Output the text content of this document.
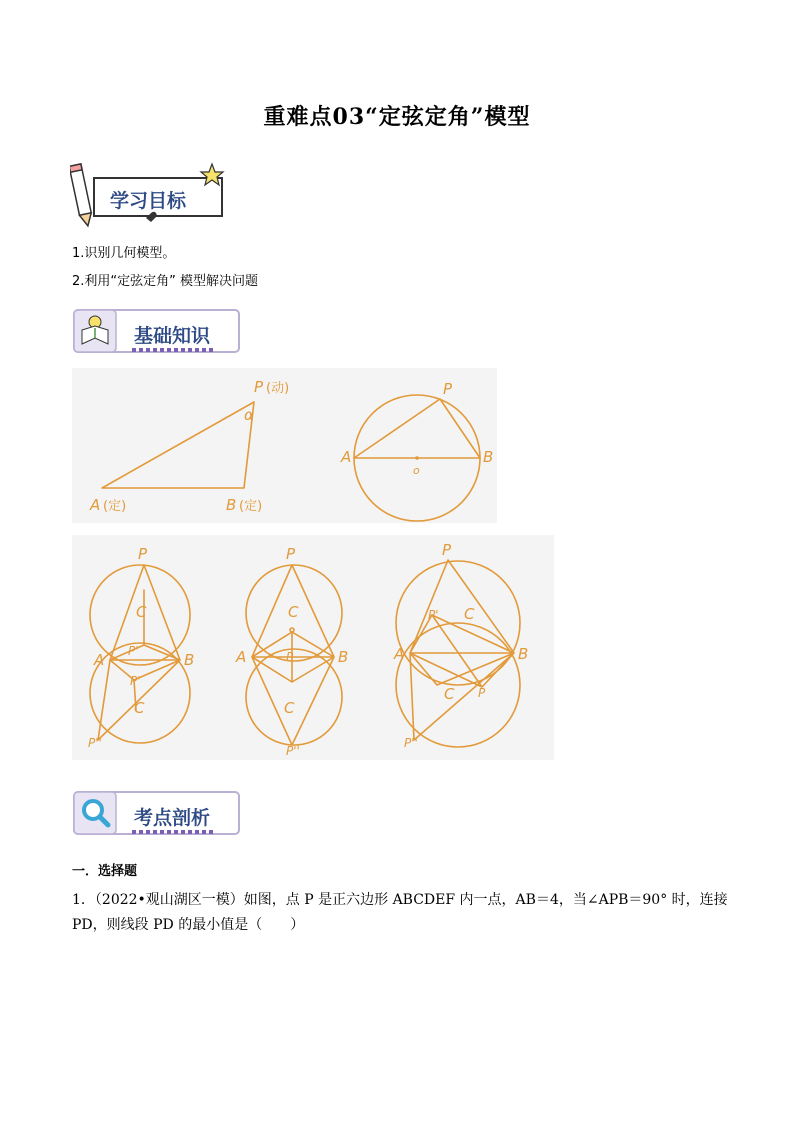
重难点03“定弦定角”模型
学习目标
1.识别几何模型。
2.利用“定弦定角” 模型解决问题
基础知识
P (动)
α
A (定)	B (定)
P
A	B
o
P
A	B
C
C
P'
P'
P''
P
A	B
C
C
P
P''
P
A	B
C
C
P'
P
P''
考点剖析
一．选择题
1．（2022•观山湖区一模）如图，点 P 是正六边形 ABCDEF 内一点，AB＝4，当∠APB＝90° 时，连接
PD，则线段 PD 的最小值是（　　）
